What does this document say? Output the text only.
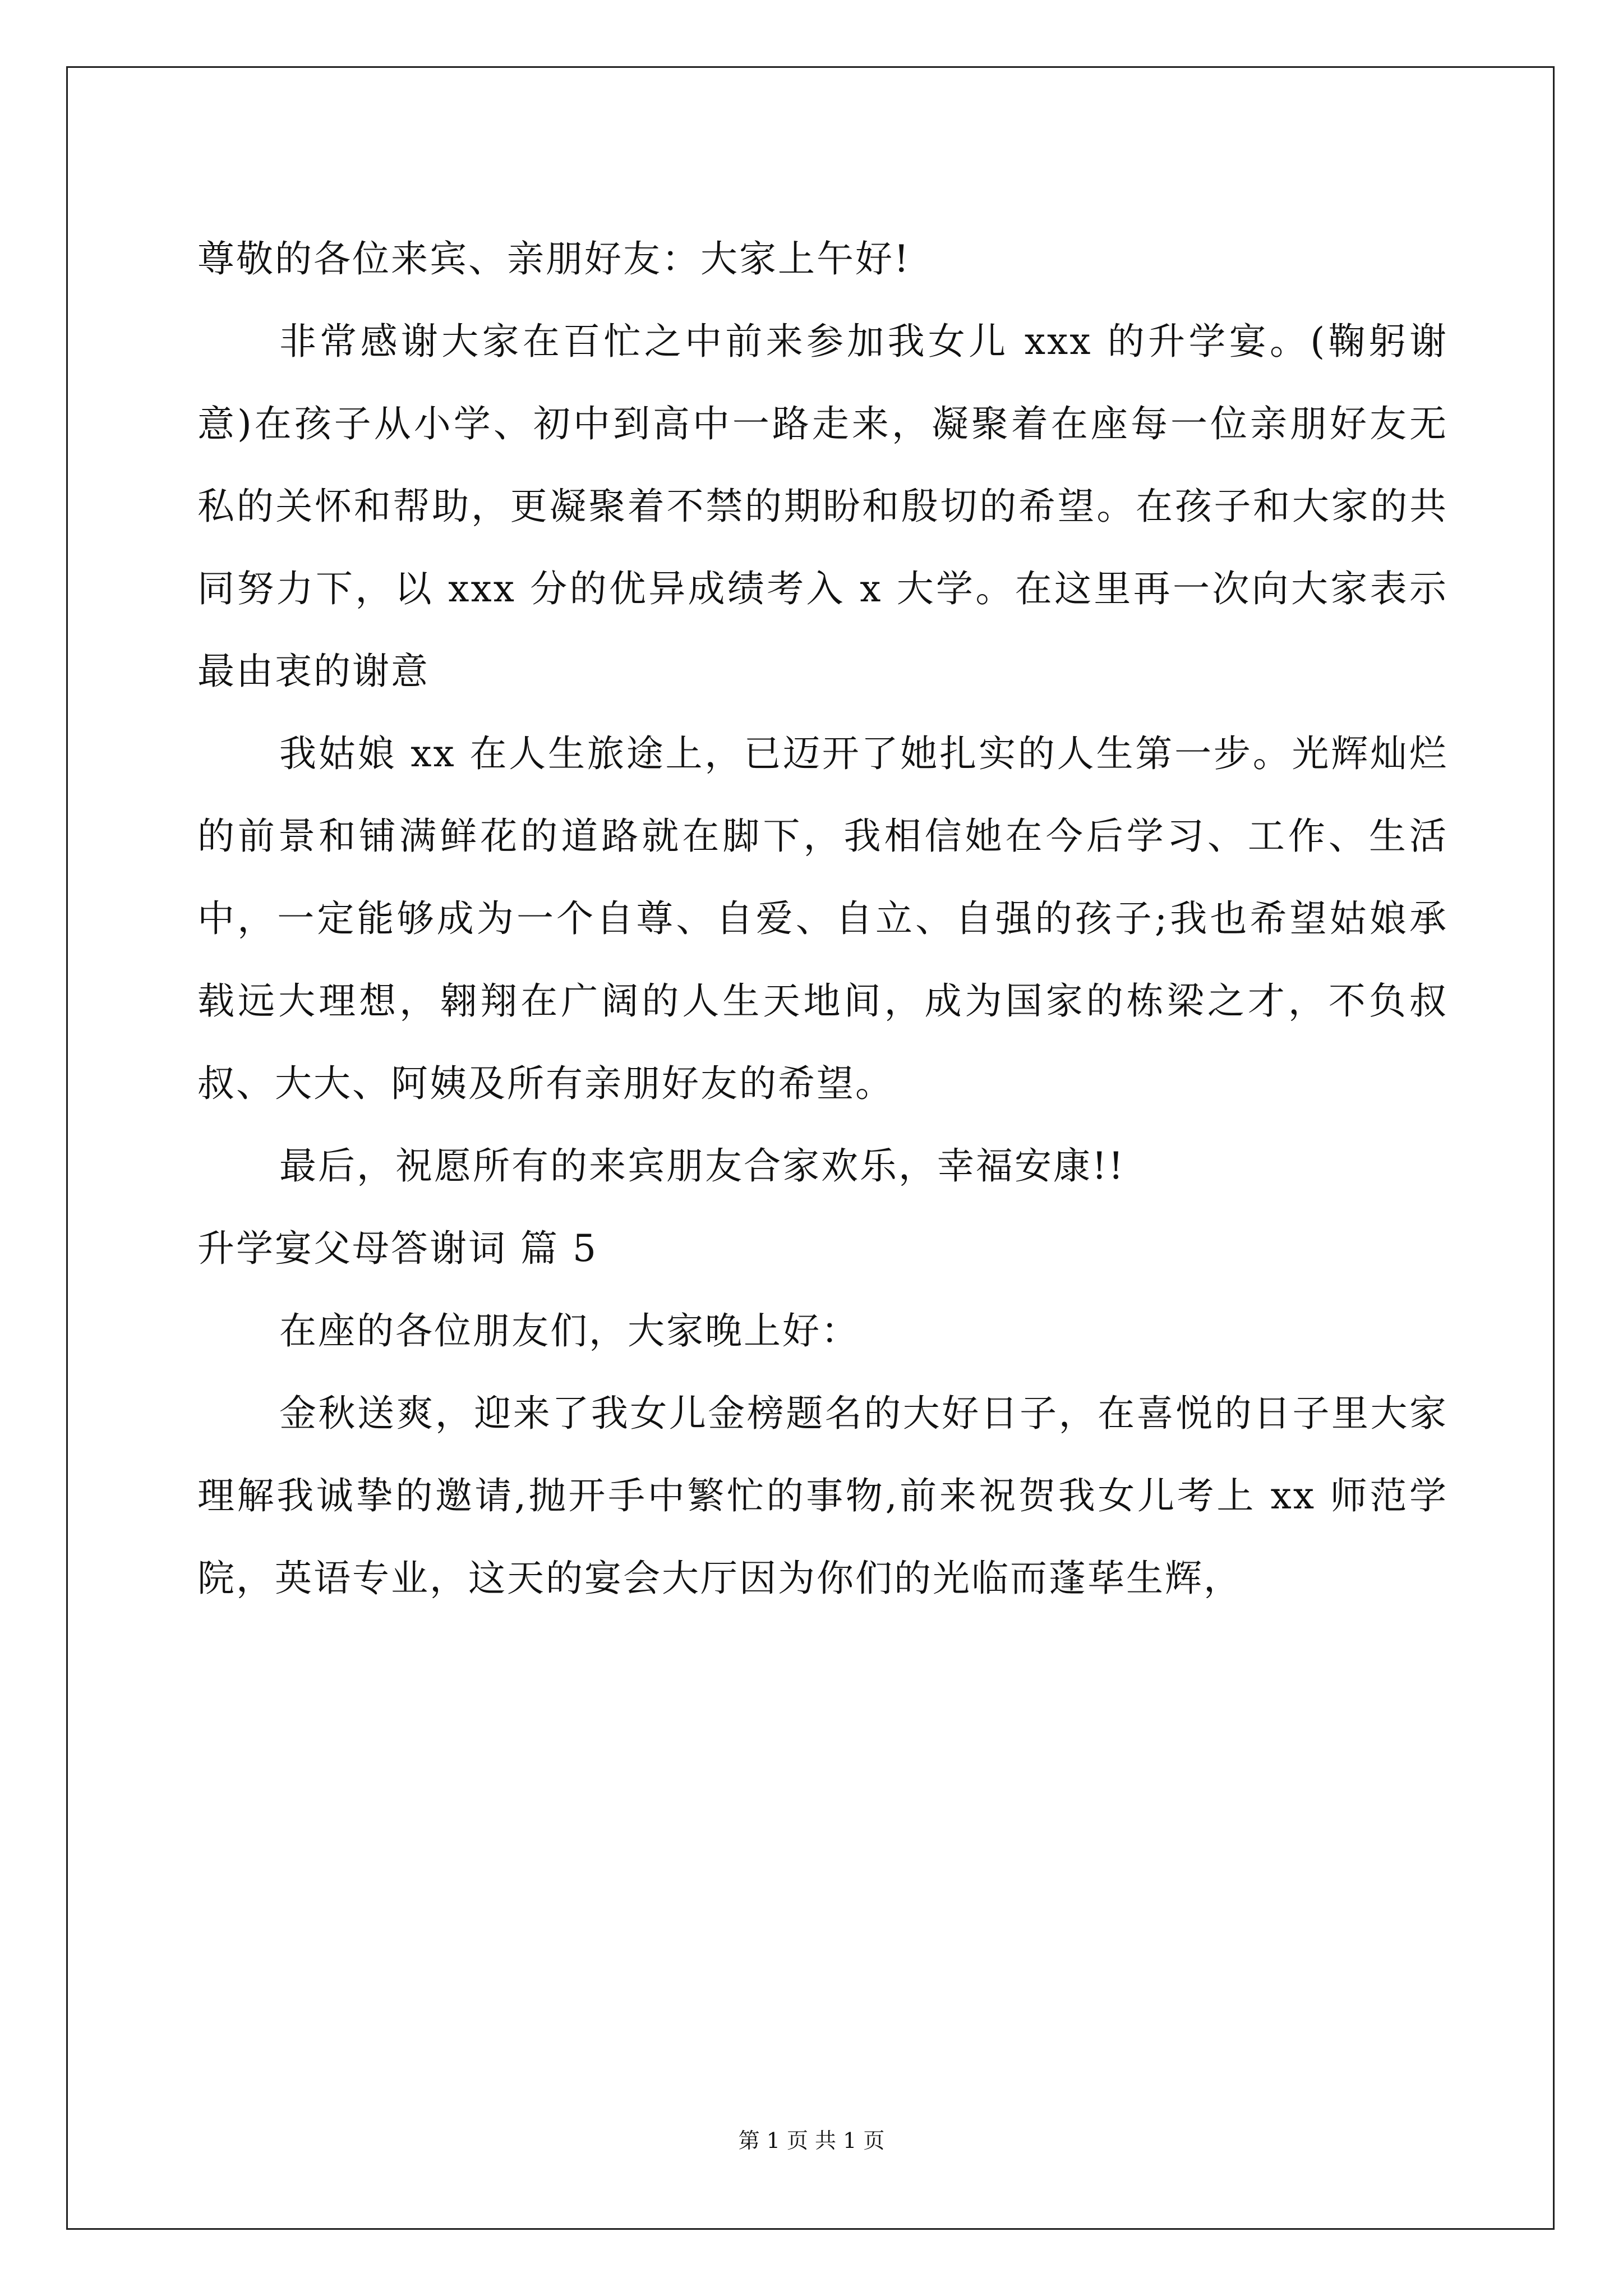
尊敬的各位来宾、亲朋好友：大家上午好!

非常感谢大家在百忙之中前来参加我女儿 xxx 的升学宴。(鞠躬谢意)在孩子从小学、初中到高中一路走来，凝聚着在座每一位亲朋好友无私的关怀和帮助，更凝聚着不禁的期盼和殷切的希望。在孩子和大家的共同努力下，以 xxx 分的优异成绩考入 x 大学。在这里再一次向大家表示最由衷的谢意

我姑娘 xx 在人生旅途上，已迈开了她扎实的人生第一步。光辉灿烂的前景和铺满鲜花的道路就在脚下，我相信她在今后学习、工作、生活中，一定能够成为一个自尊、自爱、自立、自强的孩子;我也希望姑娘承载远大理想，翱翔在广阔的人生天地间，成为国家的栋梁之才，不负叔叔、大大、阿姨及所有亲朋好友的希望。

最后，祝愿所有的来宾朋友合家欢乐，幸福安康!!

升学宴父母答谢词 篇 5

在座的各位朋友们，大家晚上好：

金秋送爽，迎来了我女儿金榜题名的大好日子，在喜悦的日子里大家理解我诚挚的邀请,抛开手中繁忙的事物,前来祝贺我女儿考上 xx 师范学院，英语专业，这天的宴会大厅因为你们的光临而蓬荜生辉，

第 1 页 共 1 页
